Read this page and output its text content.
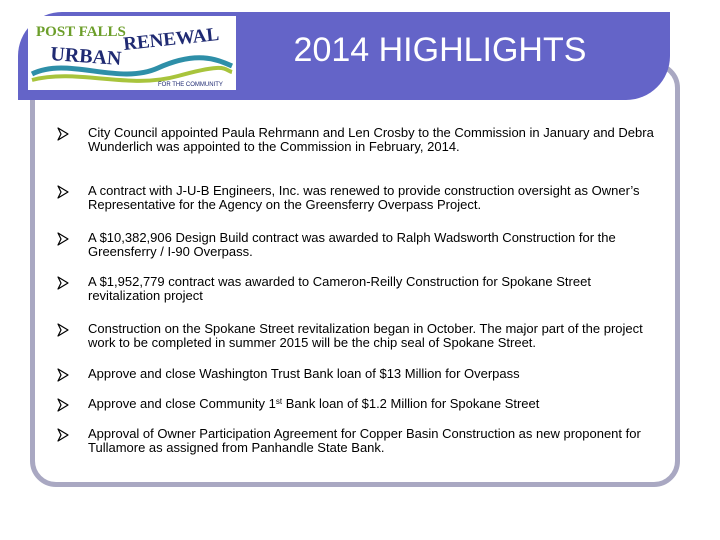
POST FALLS
URBAN
RENEWAL
FOR THE COMMUNITY
2014 HIGHLIGHTS
City Council appointed Paula Rehrmann and Len Crosby to the Commission in January and Debra Wunderlich was appointed to the Commission in February, 2014.
A contract with J-U-B Engineers, Inc. was renewed to provide construction oversight as Owner’s Representative for the Agency on the Greensferry Overpass Project.
A $10,382,906 Design Build contract was awarded to Ralph Wadsworth Construction for the Greensferry / I-90 Overpass.
A $1,952,779 contract was awarded to Cameron-Reilly Construction for Spokane Street revitalization project
Construction on the Spokane Street revitalization began in October. The major part of the project work to be completed in summer 2015 will be the chip seal of Spokane Street.
Approve and close Washington Trust Bank loan of $13 Million for Overpass
Approve and close Community 1st Bank loan of $1.2 Million for Spokane Street
Approval of Owner Participation Agreement for Copper Basin Construction as new proponent for Tullamore as assigned from Panhandle State Bank.
